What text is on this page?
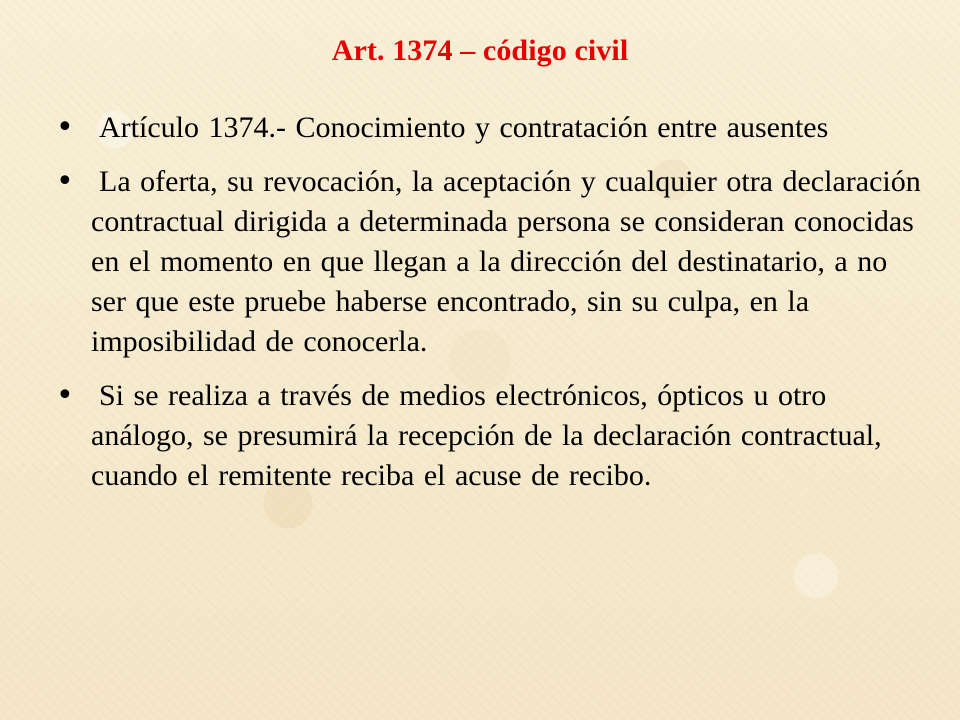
Art. 1374 – código civil
• Artículo 1374.- Conocimiento y contratación entre ausentes
• La oferta, su revocación, la aceptación y cualquier otra declaración contractual dirigida a determinada persona se consideran conocidas en el momento en que llegan a la dirección del destinatario, a no ser que este pruebe haberse encontrado, sin su culpa, en la imposibilidad de conocerla.
• Si se realiza a través de medios electrónicos, ópticos u otro análogo, se presumirá la recepción de la declaración contractual, cuando el remitente reciba el acuse de recibo.
